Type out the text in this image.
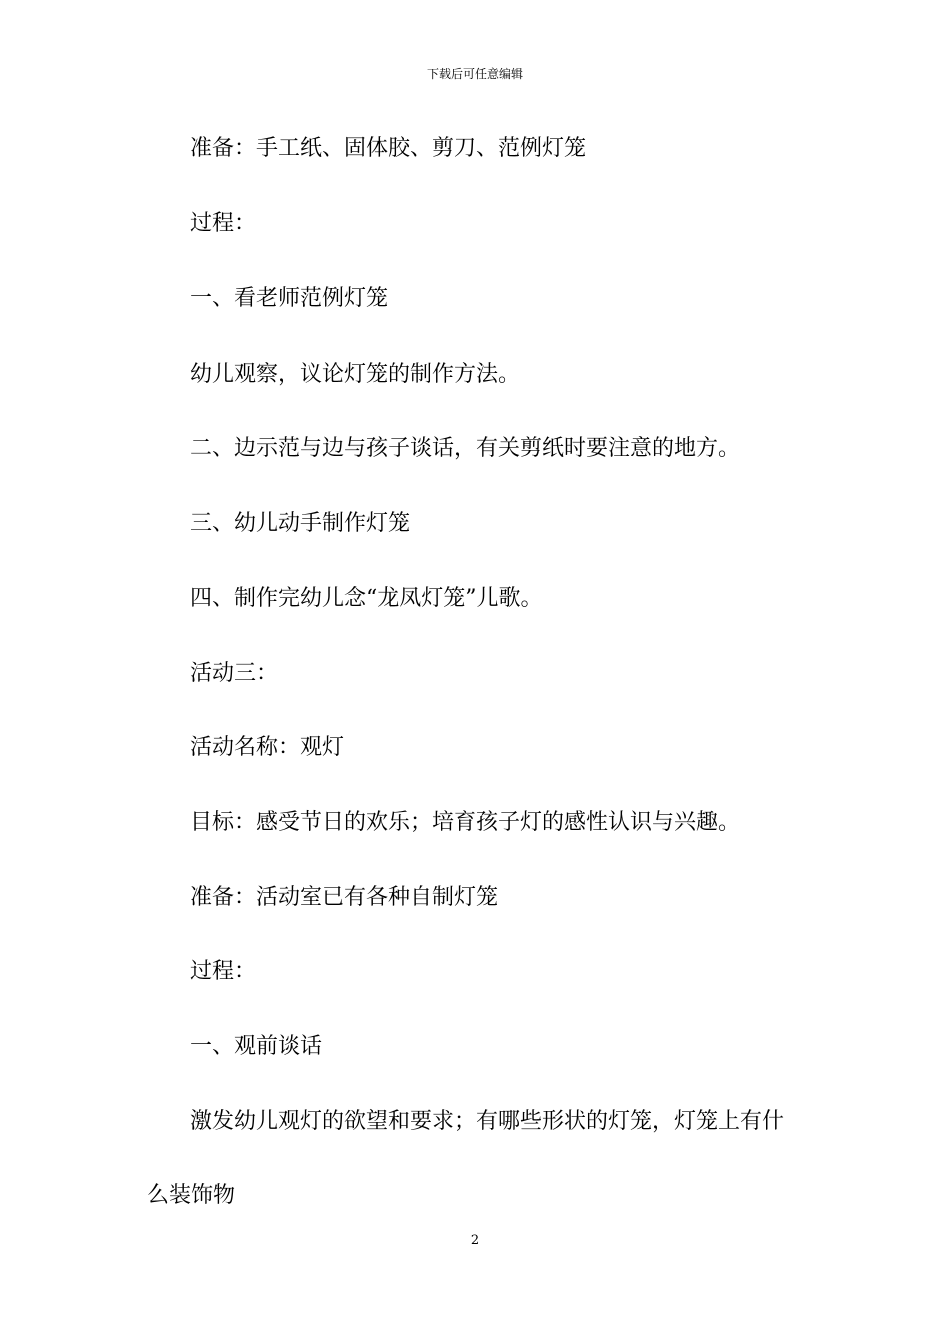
下载后可任意编辑
准备：手工纸、固体胶、剪刀、范例灯笼
过程：
一、看老师范例灯笼
幼儿观察，议论灯笼的制作方法。
二、边示范与边与孩子谈话，有关剪纸时要注意的地方。
三、幼儿动手制作灯笼
四、制作完幼儿念“龙凤灯笼”儿歌。
活动三：
活动名称：观灯
目标：感受节日的欢乐；培育孩子灯的感性认识与兴趣。
准备：活动室已有各种自制灯笼
过程：
一、观前谈话
激发幼儿观灯的欲望和要求；有哪些形状的灯笼，灯笼上有什
么装饰物
2
